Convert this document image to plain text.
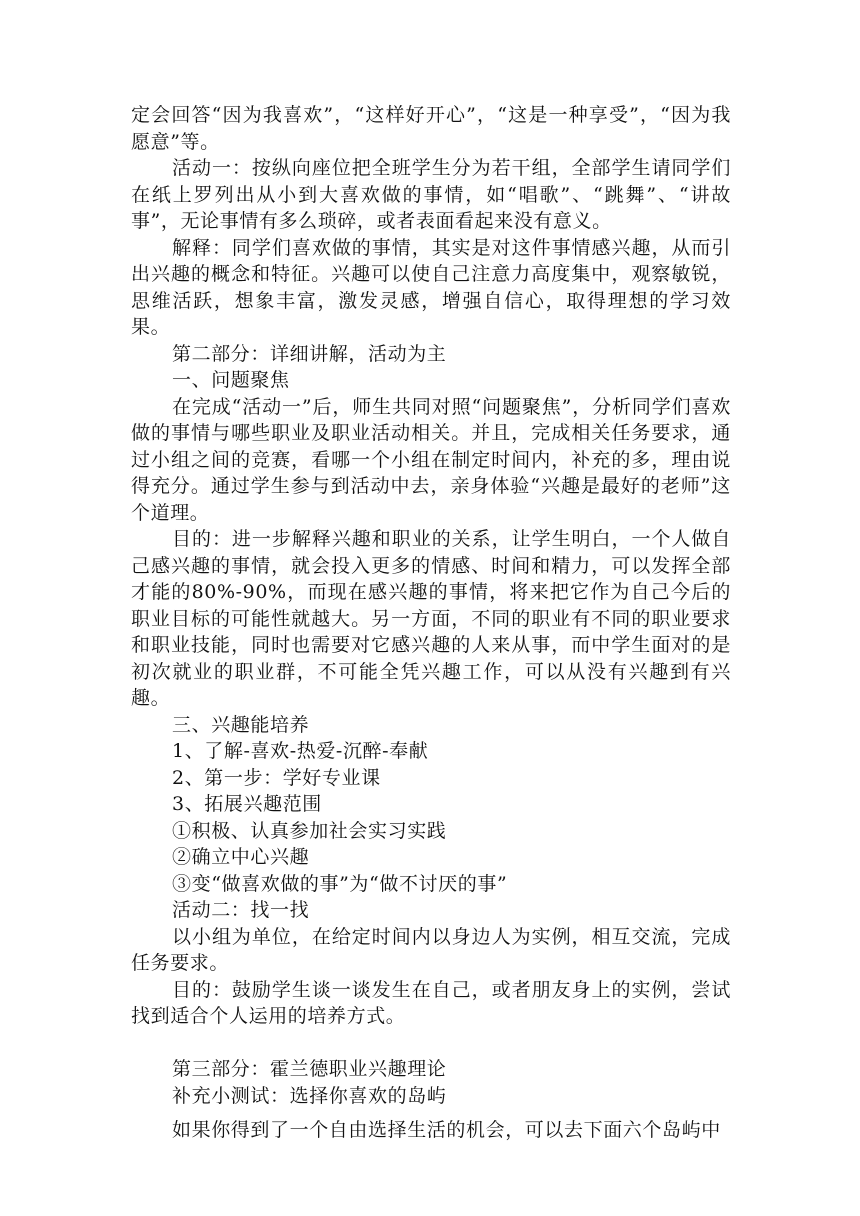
定会回答“因为我喜欢”，“这样好开心”，“这是一种享受”，“因为我愿意”等。

活动一：按纵向座位把全班学生分为若干组，全部学生请同学们在纸上罗列出从小到大喜欢做的事情，如“唱歌”、“跳舞”、“讲故事”，无论事情有多么琐碎，或者表面看起来没有意义。

解释：同学们喜欢做的事情，其实是对这件事情感兴趣，从而引出兴趣的概念和特征。兴趣可以使自己注意力高度集中，观察敏锐，思维活跃，想象丰富，激发灵感，增强自信心，取得理想的学习效果。

第二部分：详细讲解，活动为主

一、问题聚焦

在完成“活动一”后，师生共同对照“问题聚焦”，分析同学们喜欢做的事情与哪些职业及职业活动相关。并且，完成相关任务要求，通过小组之间的竞赛，看哪一个小组在制定时间内，补充的多，理由说得充分。通过学生参与到活动中去，亲身体验“兴趣是最好的老师”这个道理。

目的：进一步解释兴趣和职业的关系，让学生明白，一个人做自己感兴趣的事情，就会投入更多的情感、时间和精力，可以发挥全部才能的80%-90%，而现在感兴趣的事情，将来把它作为自己今后的职业目标的可能性就越大。另一方面，不同的职业有不同的职业要求和职业技能，同时也需要对它感兴趣的人来从事，而中学生面对的是初次就业的职业群，不可能全凭兴趣工作，可以从没有兴趣到有兴趣。

三、兴趣能培养

1、了解-喜欢-热爱-沉醉-奉献

2、第一步：学好专业课

3、拓展兴趣范围

①积极、认真参加社会实习实践

②确立中心兴趣

③变“做喜欢做的事”为“做不讨厌的事”

活动二：找一找

以小组为单位，在给定时间内以身边人为实例，相互交流，完成任务要求。

目的：鼓励学生谈一谈发生在自己，或者朋友身上的实例，尝试找到适合个人运用的培养方式。

第三部分：霍兰德职业兴趣理论

补充小测试：选择你喜欢的岛屿

如果你得到了一个自由选择生活的机会，可以去下面六个岛屿中
